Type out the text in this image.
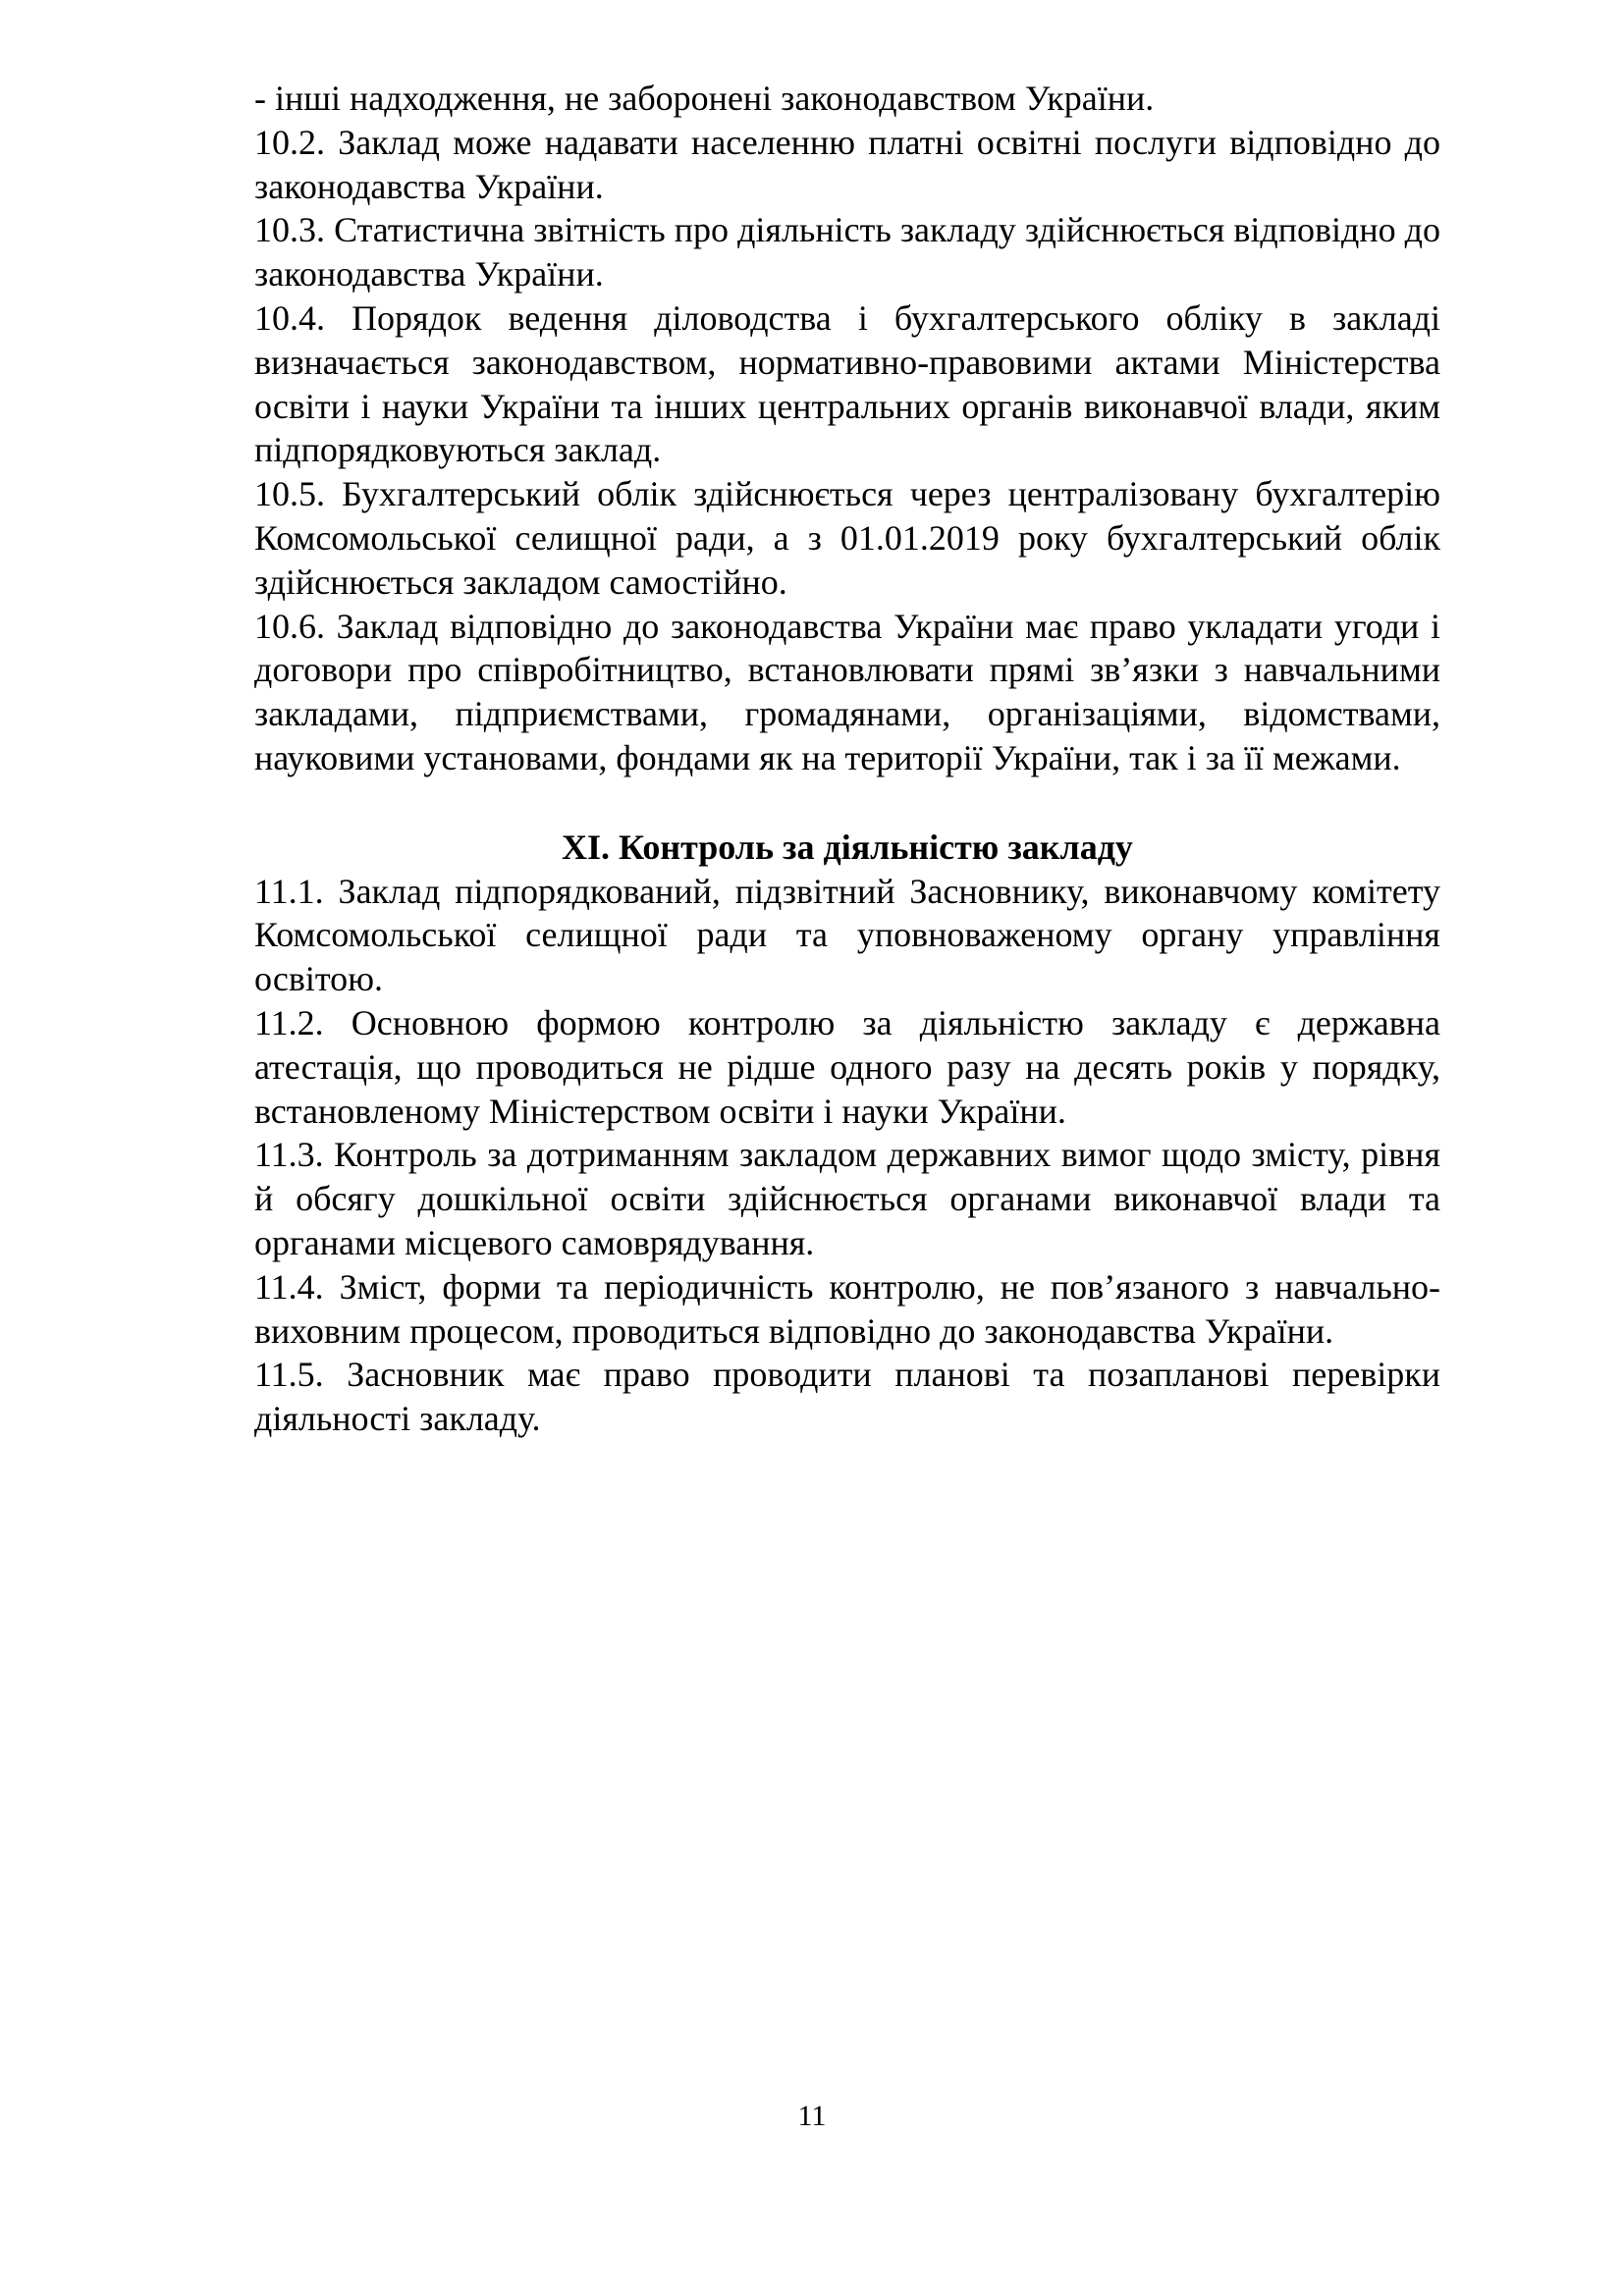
- інші надходження, не заборонені законодавством України.

10.2. Заклад може надавати населенню платні освітні послуги відповідно до законодавства України.

10.3. Статистична звітність про діяльність закладу здійснюється відповідно до законодавства України.

10.4. Порядок ведення діловодства і бухгалтерського обліку в закладі визначається законодавством, нормативно-правовими актами Міністерства освіти і науки України та інших центральних органів виконавчої влади, яким підпорядковуються заклад.

10.5. Бухгалтерський облік здійснюється через централізовану бухгалтерію Комсомольської селищної ради, а з 01.01.2019 року бухгалтерський облік здійснюється закладом самостійно.

10.6. Заклад відповідно до законодавства України має право укладати угоди і договори про співробітництво, встановлювати прямі зв’язки з навчальними закладами, підприємствами, громадянами, організаціями, відомствами, науковими установами, фондами як на території України, так і за її межами.

XI. Контроль за діяльністю закладу

11.1. Заклад підпорядкований, підзвітний Засновнику, виконавчому комітету Комсомольської селищної ради та уповноваженому органу управління освітою.

11.2. Основною формою контролю за діяльністю закладу є державна атестація, що проводиться не рідше одного разу на десять років у порядку, встановленому Міністерством освіти і науки України.

11.3. Контроль за дотриманням закладом державних вимог щодо змісту, рівня й обсягу дошкільної освіти здійснюється органами виконавчої влади та органами місцевого самоврядування.

11.4. Зміст, форми та періодичність контролю, не пов’язаного з навчально-виховним процесом, проводиться відповідно до законодавства України.

11.5. Засновник має право проводити планові та позапланові перевірки діяльності закладу.

11
